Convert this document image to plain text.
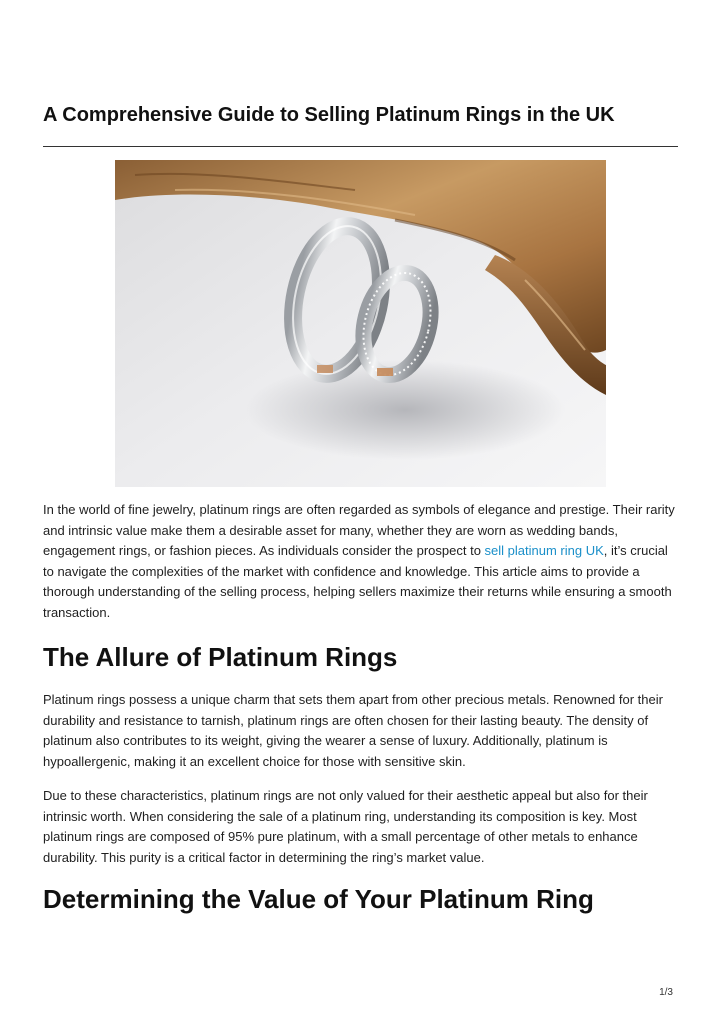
A Comprehensive Guide to Selling Platinum Rings in the UK

In the world of fine jewelry, platinum rings are often regarded as symbols of elegance and prestige. Their rarity and intrinsic value make them a desirable asset for many, whether they are worn as wedding bands, engagement rings, or fashion pieces. As individuals consider the prospect to sell platinum ring UK, it’s crucial to navigate the complexities of the market with confidence and knowledge. This article aims to provide a thorough understanding of the selling process, helping sellers maximize their returns while ensuring a smooth transaction.

The Allure of Platinum Rings

Platinum rings possess a unique charm that sets them apart from other precious metals. Renowned for their durability and resistance to tarnish, platinum rings are often chosen for their lasting beauty. The density of platinum also contributes to its weight, giving the wearer a sense of luxury. Additionally, platinum is hypoallergenic, making it an excellent choice for those with sensitive skin.

Due to these characteristics, platinum rings are not only valued for their aesthetic appeal but also for their intrinsic worth. When considering the sale of a platinum ring, understanding its composition is key. Most platinum rings are composed of 95% pure platinum, with a small percentage of other metals to enhance durability. This purity is a critical factor in determining the ring’s market value.

Determining the Value of Your Platinum Ring
1/3
